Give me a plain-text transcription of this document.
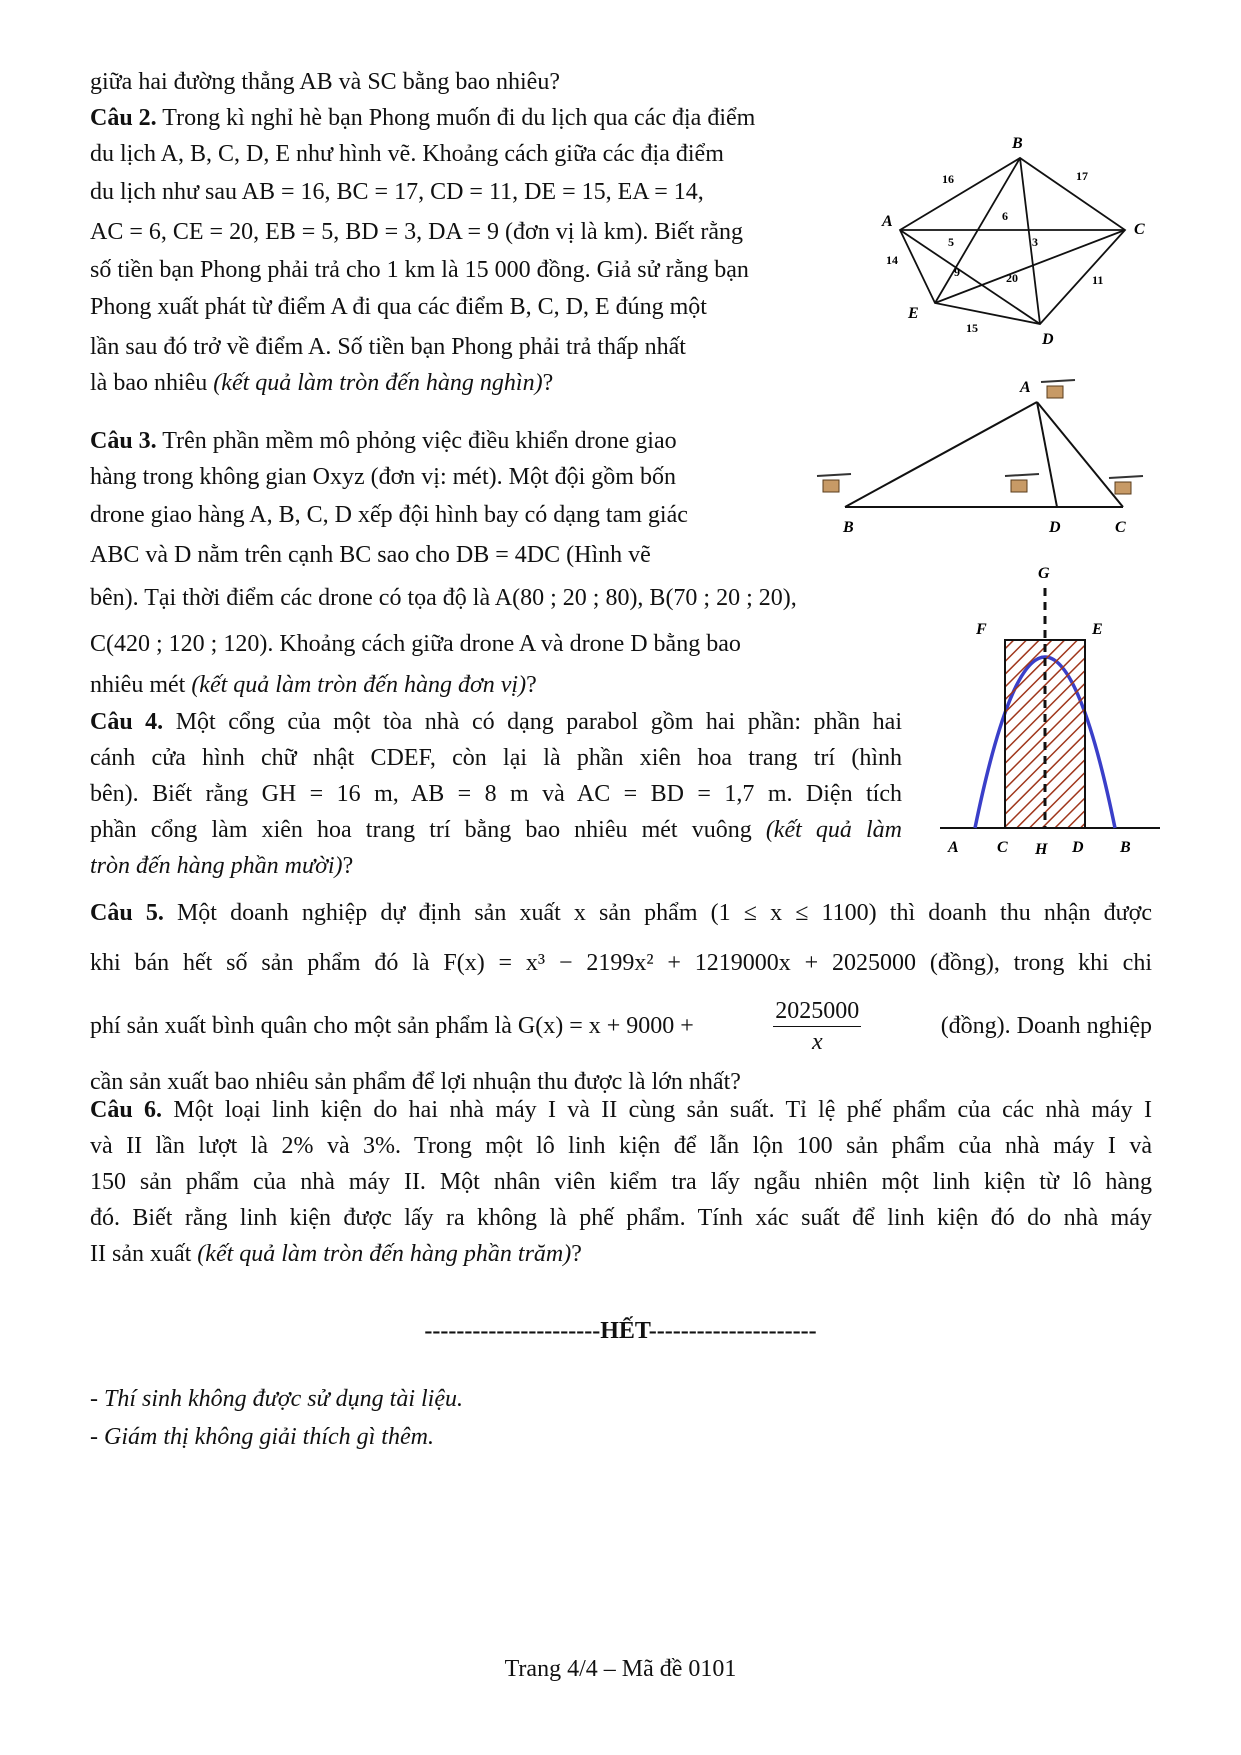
giữa hai đường thẳng AB và SC bằng bao nhiêu?
Câu 2. Trong kì nghỉ hè bạn Phong muốn đi du lịch qua các địa điểm
du lịch A, B, C, D, E như hình vẽ. Khoảng cách giữa các địa điểm
du lịch như sau AB = 16, BC = 17, CD = 11, DE = 15, EA = 14,
AC = 6, CE = 20, EB = 5, BD = 3, DA = 9 (đơn vị là km). Biết rằng
số tiền bạn Phong phải trả cho 1 km là 15 000 đồng. Giả sử rằng bạn
Phong xuất phát từ điểm A đi qua các điểm B, C, D, E đúng một
lần sau đó trở về điểm A. Số tiền bạn Phong phải trả thấp nhất
là bao nhiêu (kết quả làm tròn đến hàng nghìn)?
A
B
C
D
E
16	17
6
5	3
14
9	20	11
15
Câu 3. Trên phần mềm mô phỏng việc điều khiển drone giao
hàng trong không gian Oxyz (đơn vị: mét). Một đội gồm bốn
drone giao hàng A, B, C, D xếp đội hình bay có dạng tam giác
ABC và D nằm trên cạnh BC sao cho DB = 4DC (Hình vẽ
bên). Tại thời điểm các drone có tọa độ là A(80 ; 20 ; 80), B(70 ; 20 ; 20),
C(420 ; 120 ; 120). Khoảng cách giữa drone A và drone D bằng bao
nhiêu mét (kết quả làm tròn đến hàng đơn vị)?
A
B	D	C
Câu 4. Một cổng của một tòa nhà có dạng parabol gồm hai phần: phần hai
cánh cửa hình chữ nhật CDEF, còn lại là phần xiên hoa trang trí (hình
bên). Biết rằng GH = 16 m, AB = 8 m và AC = BD = 1,7 m. Diện tích
phần cổng làm xiên hoa trang trí bằng bao nhiêu mét vuông (kết quả làm
tròn đến hàng phần mười)?
G
F	E
A C H D B
Câu 5. Một doanh nghiệp dự định sản xuất x sản phẩm (1 ≤ x ≤ 1100) thì doanh thu nhận được
khi bán hết số sản phẩm đó là F(x) = x³ − 2199x² + 1219000x + 2025000 (đồng), trong khi chi
phí sản xuất bình quân cho một sản phẩm là G(x) = x + 9000 +	$\frac{2025000}{x}$	(đồng). Doanh nghiệp
cần sản xuất bao nhiêu sản phẩm để lợi nhuận thu được là lớn nhất?
Câu 6. Một loại linh kiện do hai nhà máy I và II cùng sản suất. Tỉ lệ phế phẩm của các nhà máy I
và II lần lượt là 2% và 3%. Trong một lô linh kiện để lẫn lộn 100 sản phẩm của nhà máy I và
150 sản phẩm của nhà máy II. Một nhân viên kiểm tra lấy ngẫu nhiên một linh kiện từ lô hàng
đó. Biết rằng linh kiện được lấy ra không là phế phẩm. Tính xác suất để linh kiện đó do nhà máy
II sản xuất (kết quả làm tròn đến hàng phần trăm)?
----------------------HẾT---------------------
- Thí sinh không được sử dụng tài liệu.
- Giám thị không giải thích gì thêm.
Trang 4/4 – Mã đề 0101
